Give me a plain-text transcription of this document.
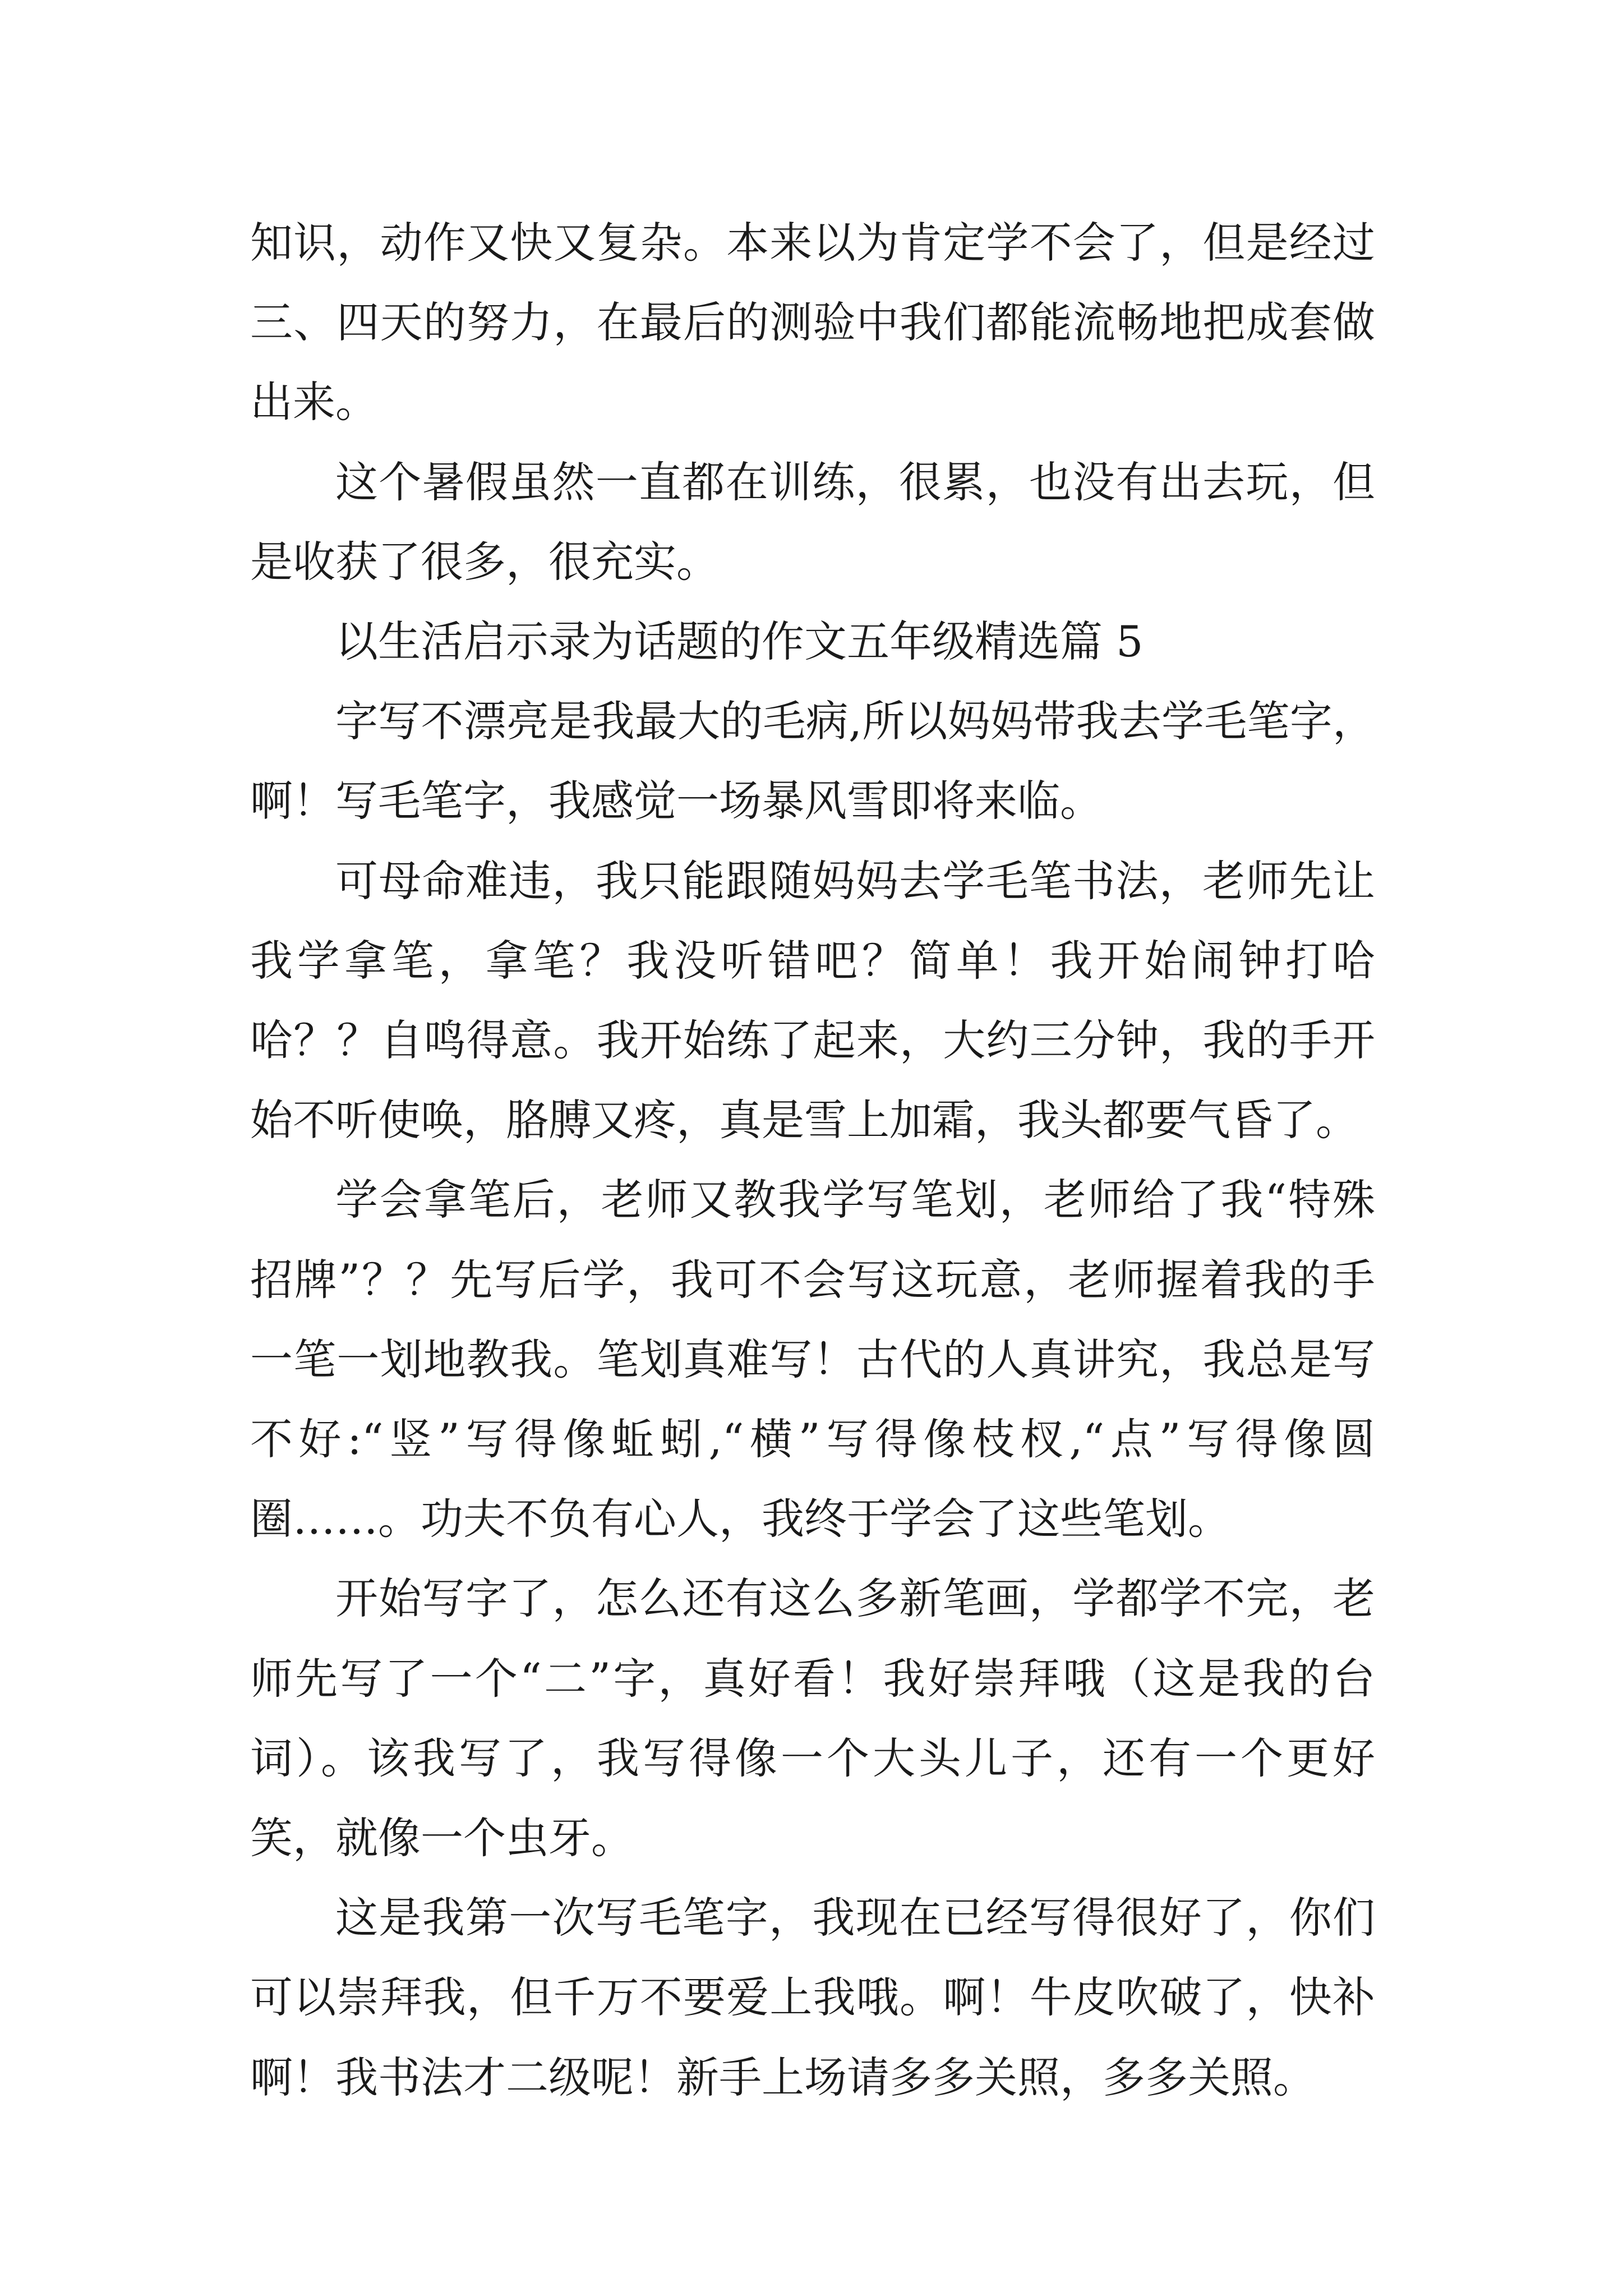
知识，动作又快又复杂。本来以为肯定学不会了，但是经过三、四天的努力，在最后的测验中我们都能流畅地把成套做出来。

这个暑假虽然一直都在训练，很累，也没有出去玩，但是收获了很多，很充实。

以生活启示录为话题的作文五年级精选篇 5

字写不漂亮是我最大的毛病,所以妈妈带我去学毛笔字，啊！写毛笔字，我感觉一场暴风雪即将来临。

可母命难违，我只能跟随妈妈去学毛笔书法，老师先让我学拿笔，拿笔？我没听错吧？简单！我开始闹钟打哈哈？？自鸣得意。我开始练了起来，大约三分钟，我的手开始不听使唤，胳膊又疼，真是雪上加霜，我头都要气昏了。

学会拿笔后，老师又教我学写笔划，老师给了我“特殊招牌”？？先写后学，我可不会写这玩意，老师握着我的手一笔一划地教我。笔划真难写！古代的人真讲究，我总是写不好:“竖”写得像蚯蚓,“横”写得像枝杈,“点”写得像圆圈……。功夫不负有心人，我终于学会了这些笔划。

开始写字了，怎么还有这么多新笔画，学都学不完，老师先写了一个“二”字，真好看！我好崇拜哦（这是我的台词）。该我写了，我写得像一个大头儿子，还有一个更好笑，就像一个虫牙。

这是我第一次写毛笔字，我现在已经写得很好了，你们可以崇拜我，但千万不要爱上我哦。啊！牛皮吹破了，快补啊！我书法才二级呢！新手上场请多多关照，多多关照。
